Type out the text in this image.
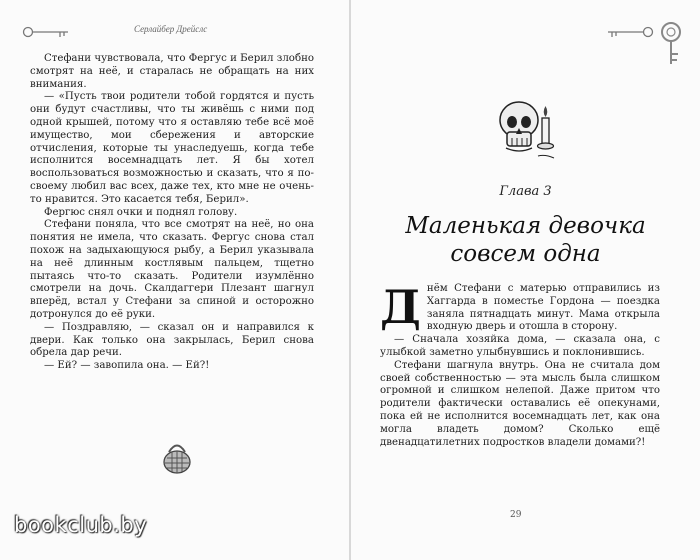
Серлайбер Дрейслс

Стефани чувствовала, что Фергус и Берил злобно смотрят на неё, и старалась не обращать на них внимания.

— «Пусть твои родители тобой гордятся и пусть они будут счастливы, что ты живёшь с ними под одной крышей, потому что я оставляю тебе всё моё имущество, мои сбережения и авторские отчисления, которые ты унаследуешь, когда тебе исполнится восемнадцать лет. Я бы хотел воспользоваться возможностью и сказать, что я по-своему любил вас всех, даже тех, кто мне не очень-то нравится. Это касается тебя, Берил».

Фергюс снял очки и поднял голову.

Стефани поняла, что все смотрят на неё, но она понятия не имела, что сказать. Фергус снова стал похож на задыхающуюся рыбу, а Берил указывала на неё длинным костлявым пальцем, тщетно пытаясь что-то сказать. Родители изумлённо смотрели на дочь. Скалдаггери Плезант шагнул вперёд, встал у Стефани за спиной и осторожно дотронулся до её руки.

— Поздравляю, — сказал он и направился к двери. Как только она закрылась, Берил снова обрела дар речи.

— Ей? — завопила она. — Ей?!

Глава 3
Маленькая девочка
совсем одна

Днём Стефани с матерью отправились из Хаггарда в поместье Гордона — поездка заняла пятнадцать минут. Мама открыла входную дверь и отошла в сторону.

— Сначала хозяйка дома, — сказала она, с улыбкой заметно улыбнувшись и поклонившись.

Стефани шагнула внутрь. Она не считала дом своей собственностью — эта мысль была слишком огромной и слишком нелепой. Даже притом что родители фактически оставались её опекунами, пока ей не исполнится восемнадцать лет, как она могла владеть домом? Сколько ещё двенадцатилетних подростков владели домами?!

29
bookclub.by
